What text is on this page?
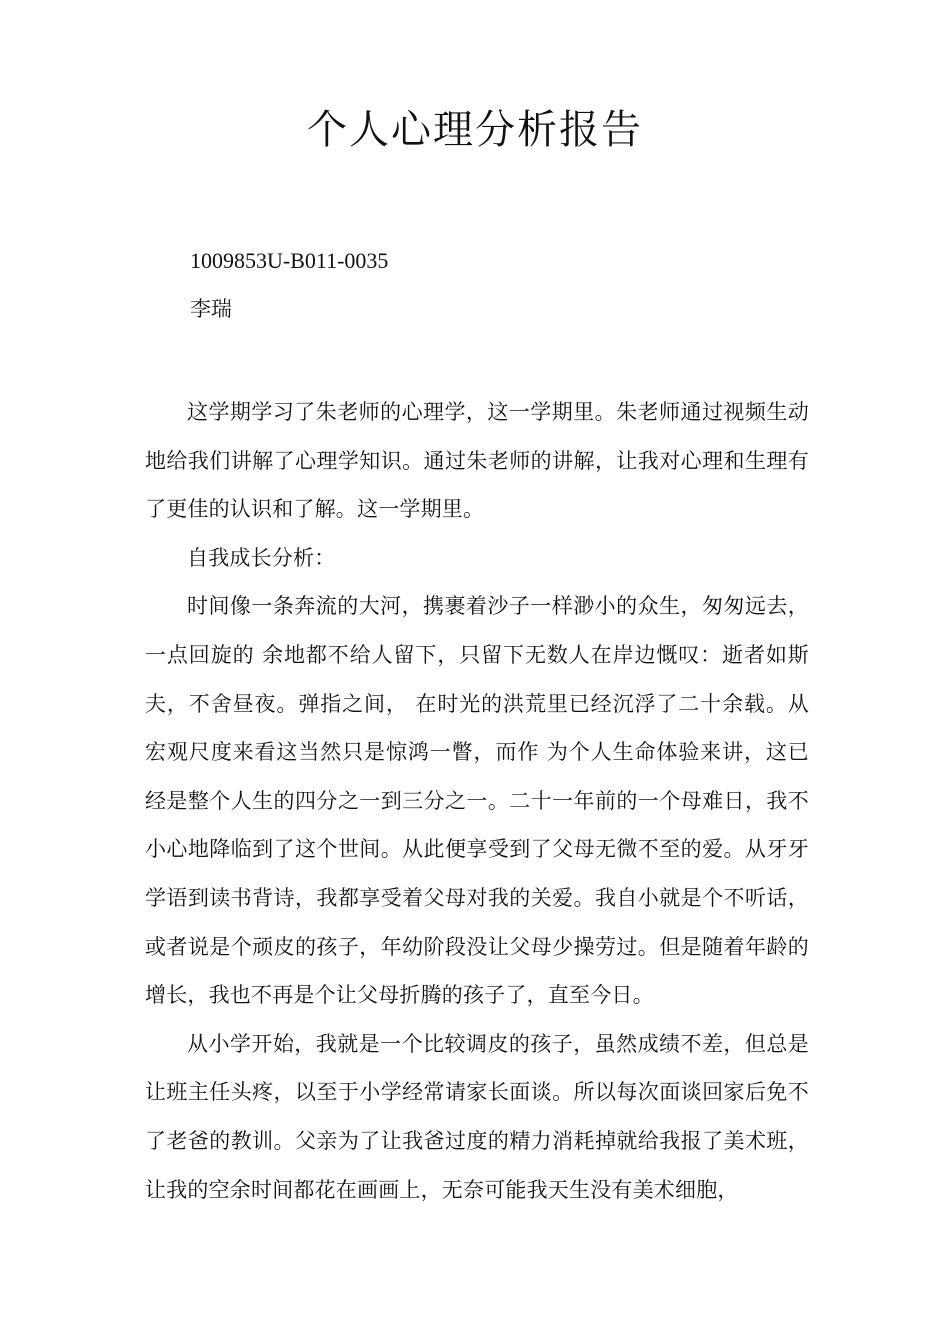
个人心理分析报告

1009853U-B011-0035

李瑞

这学期学习了朱老师的心理学，这一学期里。朱老师通过视频生动地给我们讲解了心理学知识。通过朱老师的讲解，让我对心理和生理有了更佳的认识和了解。这一学期里。

自我成长分析：

时间像一条奔流的大河，携裹着沙子一样渺小的众生，匆匆远去，一点回旋的 余地都不给人留下，只留下无数人在岸边慨叹：逝者如斯夫，不舍昼夜。弹指之间， 在时光的洪荒里已经沉浮了二十余载。从宏观尺度来看这当然只是惊鸿一瞥，而作 为个人生命体验来讲，这已经是整个人生的四分之一到三分之一。二十一年前的一个母难日，我不小心地降临到了这个世间。从此便享受到了父母无微不至的爱。从牙牙学语到读书背诗，我都享受着父母对我的关爱。我自小就是个不听话，或者说是个顽皮的孩子，年幼阶段没让父母少操劳过。但是随着年龄的增长，我也不再是个让父母折腾的孩子了，直至今日。

从小学开始，我就是一个比较调皮的孩子，虽然成绩不差，但总是让班主任头疼，以至于小学经常请家长面谈。所以每次面谈回家后免不了老爸的教训。父亲为了让我爸过度的精力消耗掉就给我报了美术班，让我的空余时间都花在画画上，无奈可能我天生没有美术细胞，
